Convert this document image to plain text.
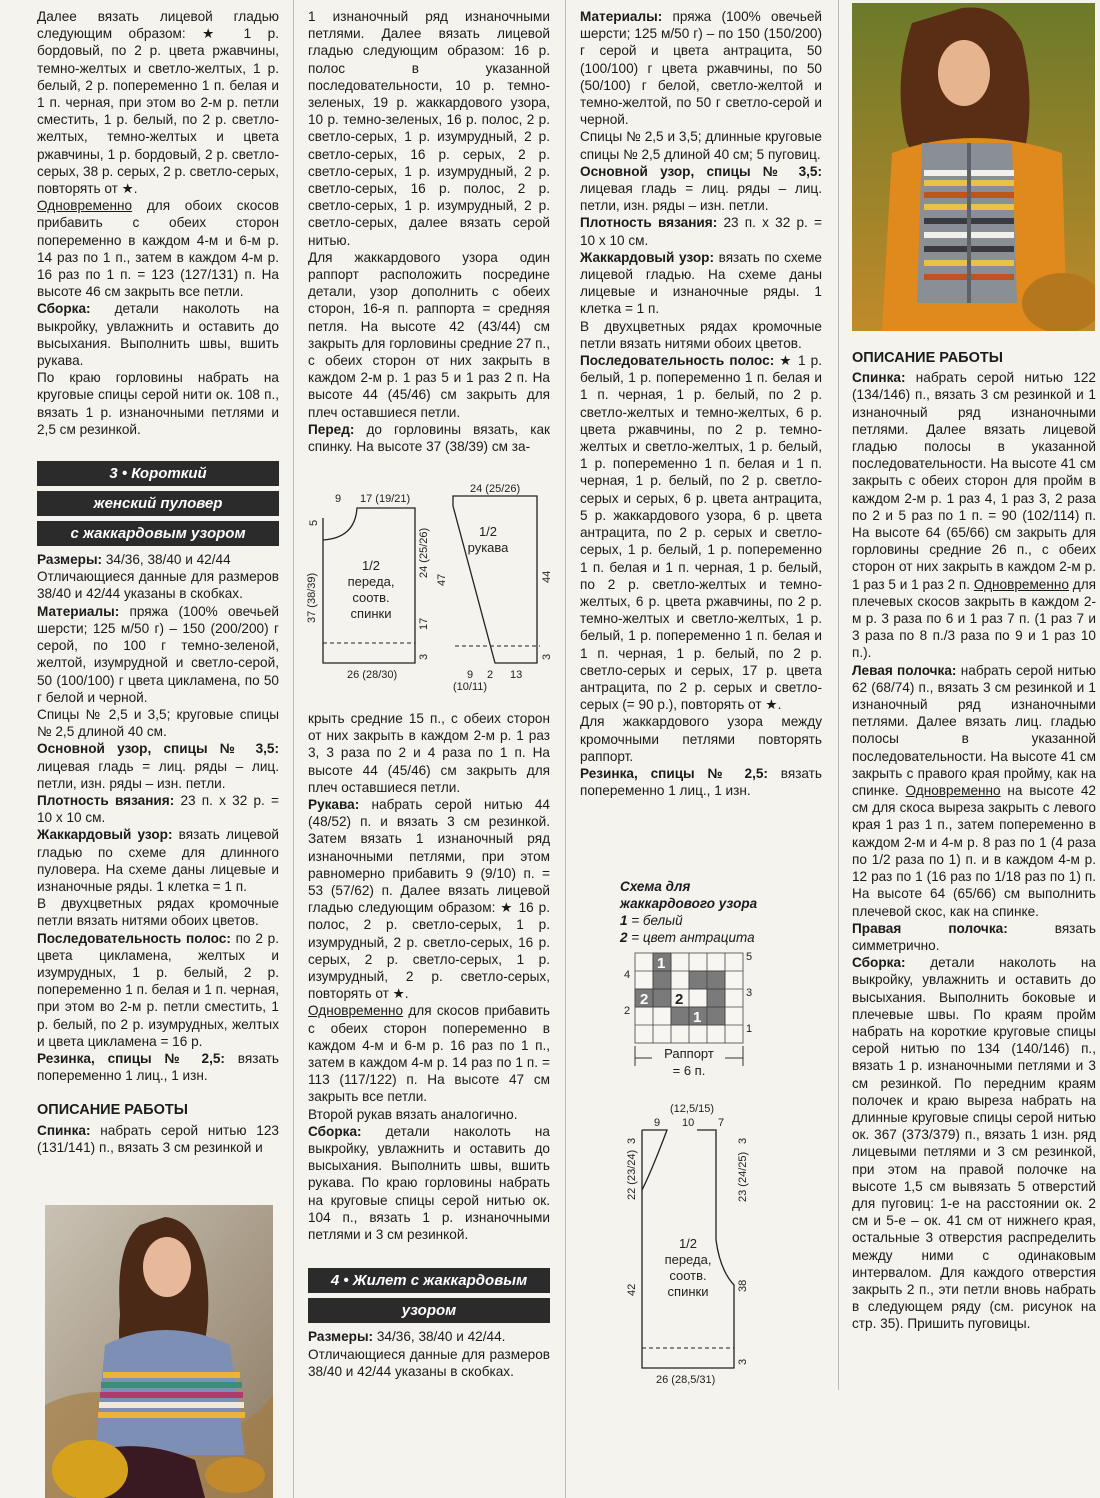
Далее вязать лицевой гладью следующим образом: ★ 1 р. бордовый, по 2 р. цвета ржавчины, темно-желтых и светло-желтых, 1 р. белый, 2 р. попеременно 1 п. белая и 1 п. черная, при этом во 2-м р. петли сместить, 1 р. белый, по 2 р. светло-желтых, темно-желтых и цвета ржавчины, 1 р. бордовый, 2 р. светло-серых, 38 р. серых, 2 р. светло-серых, повторять от ★.

Одновременно для обоих скосов прибавить с обеих сторон попеременно в каждом 4-м и 6-м р. 14 раз по 1 п., затем в каждом 4-м р. 16 раз по 1 п. = 123 (127/131) п. На высоте 46 см закрыть все петли.

Сборка: детали наколоть на выкройку, увлажнить и оставить до высыхания. Выполнить швы, вшить рукава.

По краю горловины набрать на круговые спицы серой нити ок. 108 п., вязать 1 р. изнаночными петлями и 2,5 см резинкой.

3 • Короткий
женский пуловер
с жаккардовым узором

Размеры: 34/36, 38/40 и 42/44

Отличающиеся данные для размеров 38/40 и 42/44 указаны в скобках.

Материалы: пряжа (100% овечьей шерсти; 125 м/50 г) – 150 (200/200) г серой, по 100 г темно-зеленой, желтой, изумрудной и светло-серой, 50 (100/100) г цвета цикламена, по 50 г белой и черной.

Спицы № 2,5 и 3,5; круговые спицы № 2,5 длиной 40 см.

Основной узор, спицы № 3,5: лицевая гладь = лиц. ряды – лиц. петли, изн. ряды – изн. петли.

Плотность вязания: 23 п. х 32 р. = 10 х 10 см.

Жаккардовый узор: вязать лицевой гладью по схеме для длинного пуловера. На схеме даны лицевые и изнаночные ряды. 1 клетка = 1 п.

В двухцветных рядах кромочные петли вязать нитями обоих цветов.

Последовательность полос: по 2 р. цвета цикламена, желтых и изумрудных, 1 р. белый, 2 р. попеременно 1 п. белая и 1 п. черная, при этом во 2-м р. петли сместить, 1 р. белый, по 2 р. изумрудных, желтых и цвета цикламена = 16 р.

Резинка, спицы № 2,5: вязать попеременно 1 лиц., 1 изн.

ОПИСАНИЕ РАБОТЫ

Спинка: набрать серой нитью 123 (131/141) п., вязать 3 см резинкой и

1 изнаночный ряд изнаночными петлями. Далее вязать лицевой гладью следующим образом: 16 р. полос в указанной последовательности, 10 р. темно-зеленых, 19 р. жаккардового узора, 10 р. темно-зеленых, 16 р. полос, 2 р. светло-серых, 1 р. изумрудный, 2 р. светло-серых, 16 р. серых, 2 р. светло-серых, 1 р. изумрудный, 2 р. светло-серых, 16 р. полос, 2 р. светло-серых, 1 р. изумрудный, 2 р. светло-серых, далее вязать серой нитью.

Для жаккардового узора один раппорт расположить посредине детали, узор дополнить с обеих сторон, 16-я п. раппорта = средняя петля. На высоте 42 (43/44) см закрыть для горловины средние 27 п., с обеих сторон от них закрыть в каждом 2-м р. 1 раз 5 и 1 раз 2 п. На высоте 44 (45/46) см закрыть для плеч оставшиеся петли.

Перед: до горловины вязать, как спинку. На высоте 37 (38/39) см за-

9 17 (19/21)
24 (25/26)
5
37 (38/39)
24 (25/26)
17
3
47	44
3
26 (28/30)	9 2 13
(10/11)
1/2
переда,
соотв.
спинки
1/2
рукава

крыть средние 15 п., с обеих сторон от них закрыть в каждом 2-м р. 1 раз 3, 3 раза по 2 и 4 раза по 1 п. На высоте 44 (45/46) см закрыть для плеч оставшиеся петли.

Рукава: набрать серой нитью 44 (48/52) п. и вязать 3 см резинкой. Затем вязать 1 изнаночный ряд изнаночными петлями, при этом равномерно прибавить 9 (9/10) п. = 53 (57/62) п. Далее вязать лицевой гладью следующим образом: ★ 16 р. полос, 2 р. светло-серых, 1 р. изумрудный, 2 р. светло-серых, 16 р. серых, 2 р. светло-серых, 1 р. изумрудный, 2 р. светло-серых, повторять от ★.

Одновременно для скосов прибавить с обеих сторон попеременно в каждом 4-м и 6-м р. 16 раз по 1 п., затем в каждом 4-м р. 14 раз по 1 п. = 113 (117/122) п. На высоте 47 см закрыть все петли.

Второй рукав вязать аналогично.

Сборка: детали наколоть на выкройку, увлажнить и оставить до высыхания. Выполнить швы, вшить рукава. По краю горловины набрать на круговые спицы серой нитью ок. 104 п., вязать 1 р. изнаночными петлями и 3 см резинкой.

4 • Жилет с жаккардовым
узором

Размеры: 34/36, 38/40 и 42/44.

Отличающиеся данные для размеров 38/40 и 42/44 указаны в скобках.

Материалы: пряжа (100% овечьей шерсти; 125 м/50 г) – по 150 (150/200) г серой и цвета антрацита, 50 (100/100) г цвета ржавчины, по 50 (50/100) г белой, светло-желтой и темно-желтой, по 50 г светло-серой и черной.

Спицы № 2,5 и 3,5; длинные круговые спицы № 2,5 длиной 40 см; 5 пуговиц.

Основной узор, спицы № 3,5: лицевая гладь = лиц. ряды – лиц. петли, изн. ряды – изн. петли.

Плотность вязания: 23 п. х 32 р. = 10 х 10 см.

Жаккардовый узор: вязать по схеме лицевой гладью. На схеме даны лицевые и изнаночные ряды. 1 клетка = 1 п.

В двухцветных рядах кромочные петли вязать нитями обоих цветов.

Последовательность полос: ★ 1 р. белый, 1 р. попеременно 1 п. белая и 1 п. черная, 1 р. белый, по 2 р. светло-желтых и темно-желтых, 6 р. цвета ржавчины, по 2 р. темно-желтых и светло-желтых, 1 р. белый, 1 р. попеременно 1 п. белая и 1 п. черная, 1 р. белый, по 2 р. светло-серых и серых, 6 р. цвета антрацита, 5 р. жаккардового узора, 6 р. цвета антрацита, по 2 р. серых и светло-серых, 1 р. белый, 1 р. попеременно 1 п. белая и 1 п. черная, 1 р. белый, по 2 р. светло-желтых и темно-желтых, 6 р. цвета ржавчины, по 2 р. темно-желтых и светло-желтых, 1 р. белый, 1 р. попеременно 1 п. белая и 1 п. черная, 1 р. белый, по 2 р. светло-серых и серых, 17 р. цвета антрацита, по 2 р. серых и светло-серых (= 90 р.), повторять от ★.

Для жаккардового узора между кромочными петлями повторять раппорт.

Резинка, спицы № 2,5: вязать попеременно 1 лиц., 1 изн.

Схема для
жаккардового узора
1 = белый
2 = цвет антрацита
5
3
1
4
2
1
2 2
1
Раппорт
= 6 п.
(12,5/15)
9 10 7
3
22 (23/24)
3
23 (24/25)
42	38
3
26 (28,5/31)
1/2
переда,
соотв.
спинки
ОПИСАНИЕ РАБОТЫ

Спинка: набрать серой нитью 122 (134/146) п., вязать 3 см резинкой и 1 изнаночный ряд изнаночными петлями. Далее вязать лицевой гладью полосы в указанной последовательности. На высоте 41 см закрыть с обеих сторон для пройм в каждом 2-м р. 1 раз 4, 1 раз 3, 2 раза по 2 и 5 раз по 1 п. = 90 (102/114) п. На высоте 64 (65/66) см закрыть для горловины средние 26 п., с обеих сторон от них закрыть в каждом 2-м р. 1 раз 5 и 1 раз 2 п. Одновременно для плечевых скосов закрыть в каждом 2-м р. 3 раза по 6 и 1 раз 7 п. (1 раз 7 и 3 раза по 8 п./3 раза по 9 и 1 раз 10 п.).

Левая полочка: набрать серой нитью 62 (68/74) п., вязать 3 см резинкой и 1 изнаночный ряд изнаночными петлями. Далее вязать лиц. гладью полосы в указанной последовательности. На высоте 41 см закрыть с правого края пройму, как на спинке. Одновременно на высоте 42 см для скоса выреза закрыть с левого края 1 раз 1 п., затем попеременно в каждом 2-м и 4-м р. 8 раз по 1 (4 раза по 1/2 раза по 1) п. и в каждом 4-м р. 12 раз по 1 (16 раз по 1/18 раз по 1) п. На высоте 64 (65/66) см выполнить плечевой скос, как на спинке.

Правая полочка: вязать симметрично.

Сборка: детали наколоть на выкройку, увлажнить и оставить до высыхания. Выполнить боковые и плечевые швы. По краям пройм набрать на короткие круговые спицы серой нитью по 134 (140/146) п., вязать 1 р. изнаночными петлями и 3 см резинкой. По передним краям полочек и краю выреза набрать на длинные круговые спицы серой нитью ок. 367 (373/379) п., вязать 1 изн. ряд лицевыми петлями и 3 см резинкой, при этом на правой полочке на высоте 1,5 см вывязать 5 отверстий для пуговиц: 1-е на расстоянии ок. 2 см и 5-е – ок. 41 см от нижнего края, остальные 3 отверстия распределить между ними с одинаковым интервалом. Для каждого отверстия закрыть 2 п., эти петли вновь набрать в следующем ряду (см. рисунок на стр. 35). Пришить пуговицы.
